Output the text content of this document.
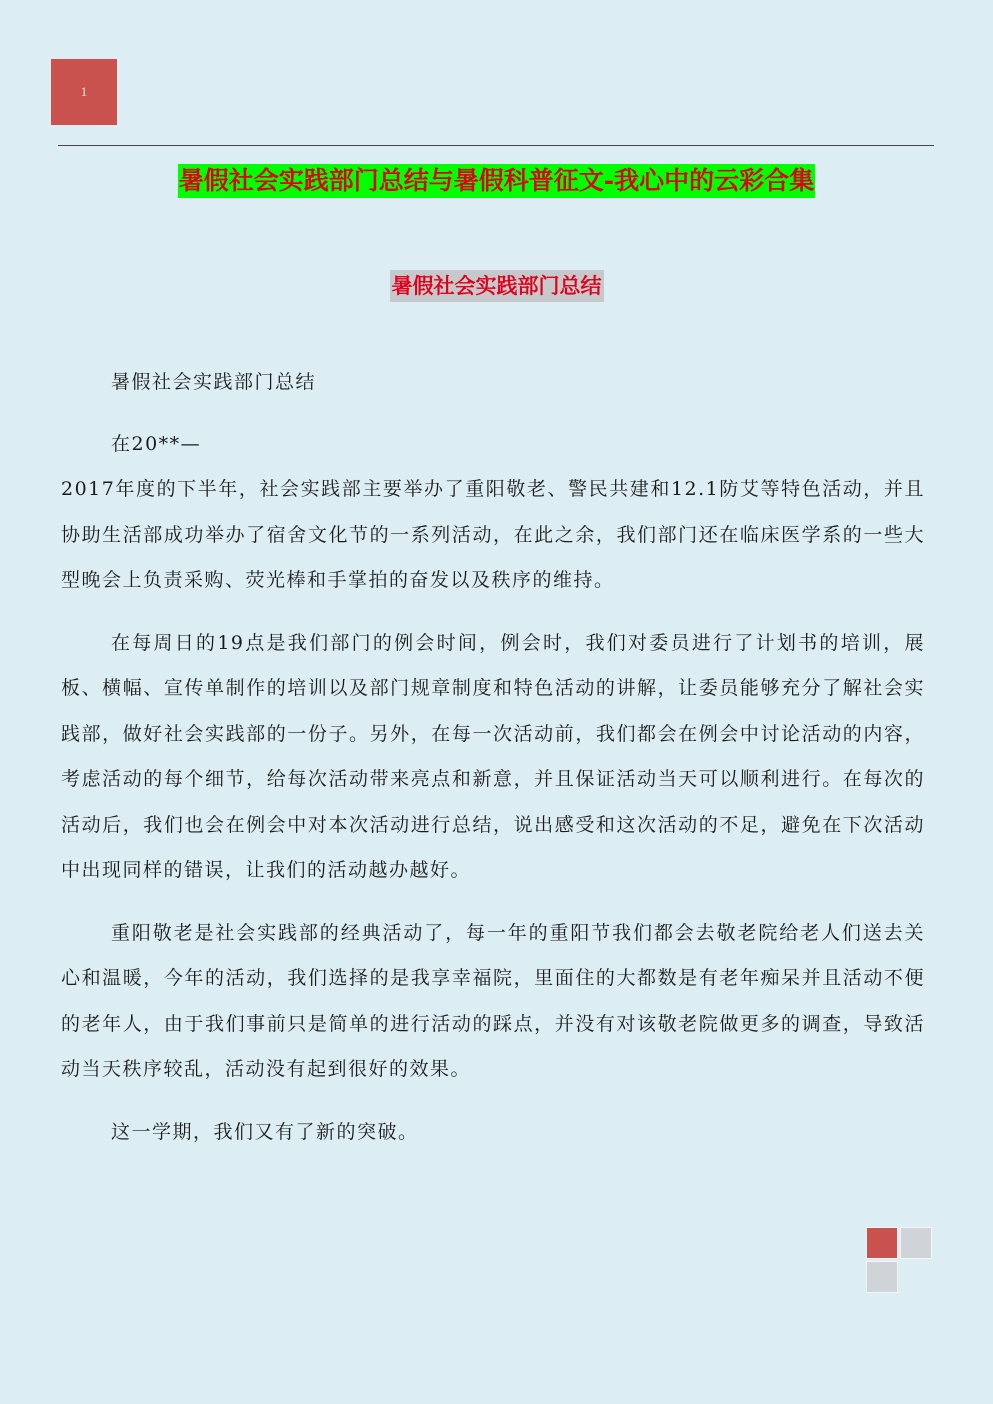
1
暑假社会实践部门总结与暑假科普征文-我心中的云彩合集
暑假社会实践部门总结

暑假社会实践部门总结

在20**—

2017年度的下半年，社会实践部主要举办了重阳敬老、警民共建和12.1防艾等特色活动，并且协助生活部成功举办了宿舍文化节的一系列活动，在此之余，我们部门还在临床医学系的一些大型晚会上负责采购、荧光棒和手掌拍的奋发以及秩序的维持。

在每周日的19点是我们部门的例会时间，例会时，我们对委员进行了计划书的培训，展板、横幅、宣传单制作的培训以及部门规章制度和特色活动的讲解，让委员能够充分了解社会实践部，做好社会实践部的一份子。另外，在每一次活动前，我们都会在例会中讨论活动的内容，考虑活动的每个细节，给每次活动带来亮点和新意，并且保证活动当天可以顺利进行。在每次的活动后，我们也会在例会中对本次活动进行总结，说出感受和这次活动的不足，避免在下次活动中出现同样的错误，让我们的活动越办越好。

重阳敬老是社会实践部的经典活动了，每一年的重阳节我们都会去敬老院给老人们送去关心和温暖，今年的活动，我们选择的是我享幸福院，里面住的大都数是有老年痴呆并且活动不便的老年人，由于我们事前只是简单的进行活动的踩点，并没有对该敬老院做更多的调查，导致活动当天秩序较乱，活动没有起到很好的效果。

这一学期，我们又有了新的突破。
